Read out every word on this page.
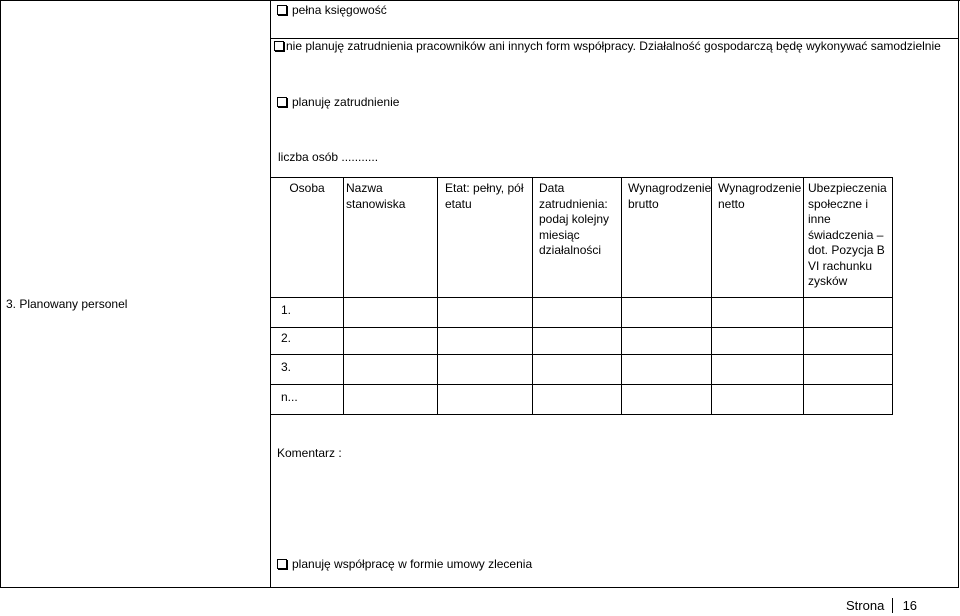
pełna księgowość
nie planuję zatrudnienia pracowników ani innych form współpracy. Działalność gospodarczą będę wykonywać samodzielnie
planuję zatrudnienie
liczba osób ...........
3. Planowany personel
Osoba	Nazwa stanowiska
Etat: pełny, pół etatu
Data zatrudnienia: podaj kolejny miesiąc działalności
Wynagrodzenie brutto
Wynagrodzenie netto
Ubezpieczenia społeczne i inne świadczenia – dot. Pozycja B VI rachunku zysków
1.
2.
3.
n...
Komentarz :
planuję współpracę w formie umowy zlecenia
Strona 16
